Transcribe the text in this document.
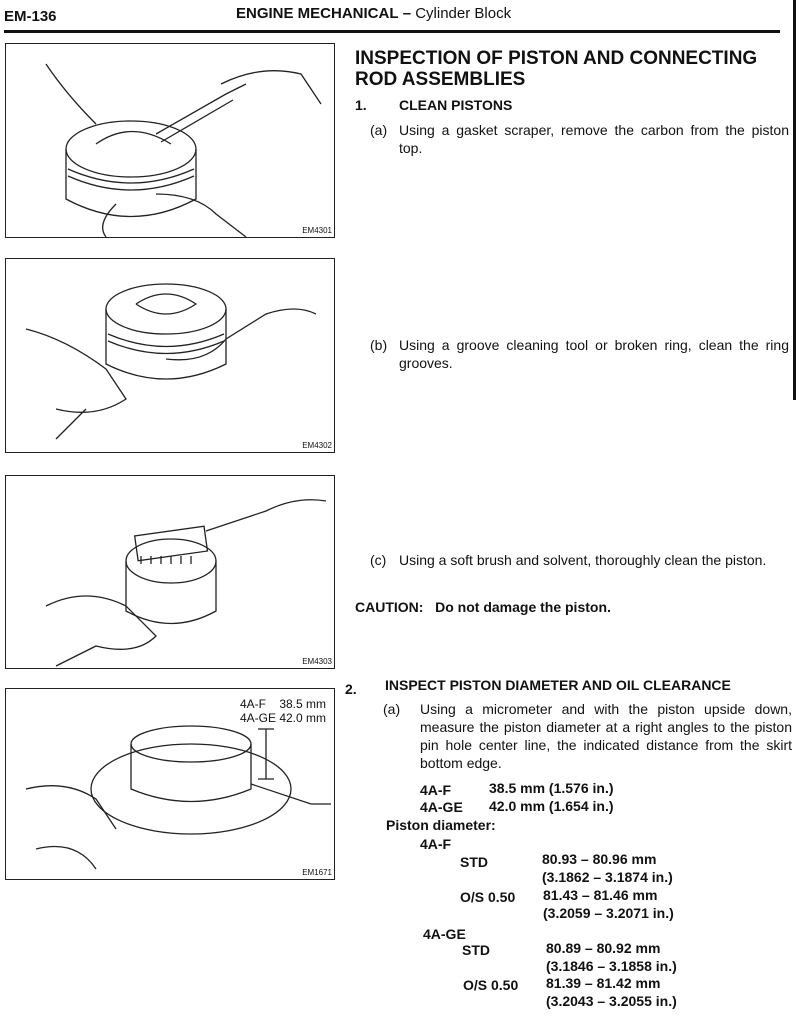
EM-136	ENGINE MECHANICAL – Cylinder Block
EM4301
EM4302
EM4303
4A-F 38.5 mm
4A-GE 42.0 mm
EM1671
INSPECTION OF PISTON AND CONNECTING ROD ASSEMBLIES
1. CLEAN PISTONS
(a) Using a gasket scraper, remove the carbon from the piston top.
(b) Using a groove cleaning tool or broken ring, clean the ring grooves.
(c) Using a soft brush and solvent, thoroughly clean the piston.
CAUTION: Do not damage the piston.
2. INSPECT PISTON DIAMETER AND OIL CLEARANCE
(a) Using a micrometer and with the piston upside down, measure the piston diameter at a right angles to the piston pin hole center line, the indicated distance from the skirt bottom edge.
4A-F	38.5 mm (1.576 in.)
4A-GE 42.0 mm (1.654 in.)
Piston diameter:
4A-F
STD	80.93 – 80.96 mm
(3.1862 – 3.1874 in.)
O/S 0.50 81.43 – 81.46 mm
(3.2059 – 3.2071 in.)
4A-GE
STD	80.89 – 80.92 mm
(3.1846 – 3.1858 in.)
O/S 0.50 81.39 – 81.42 mm
(3.2043 – 3.2055 in.)
